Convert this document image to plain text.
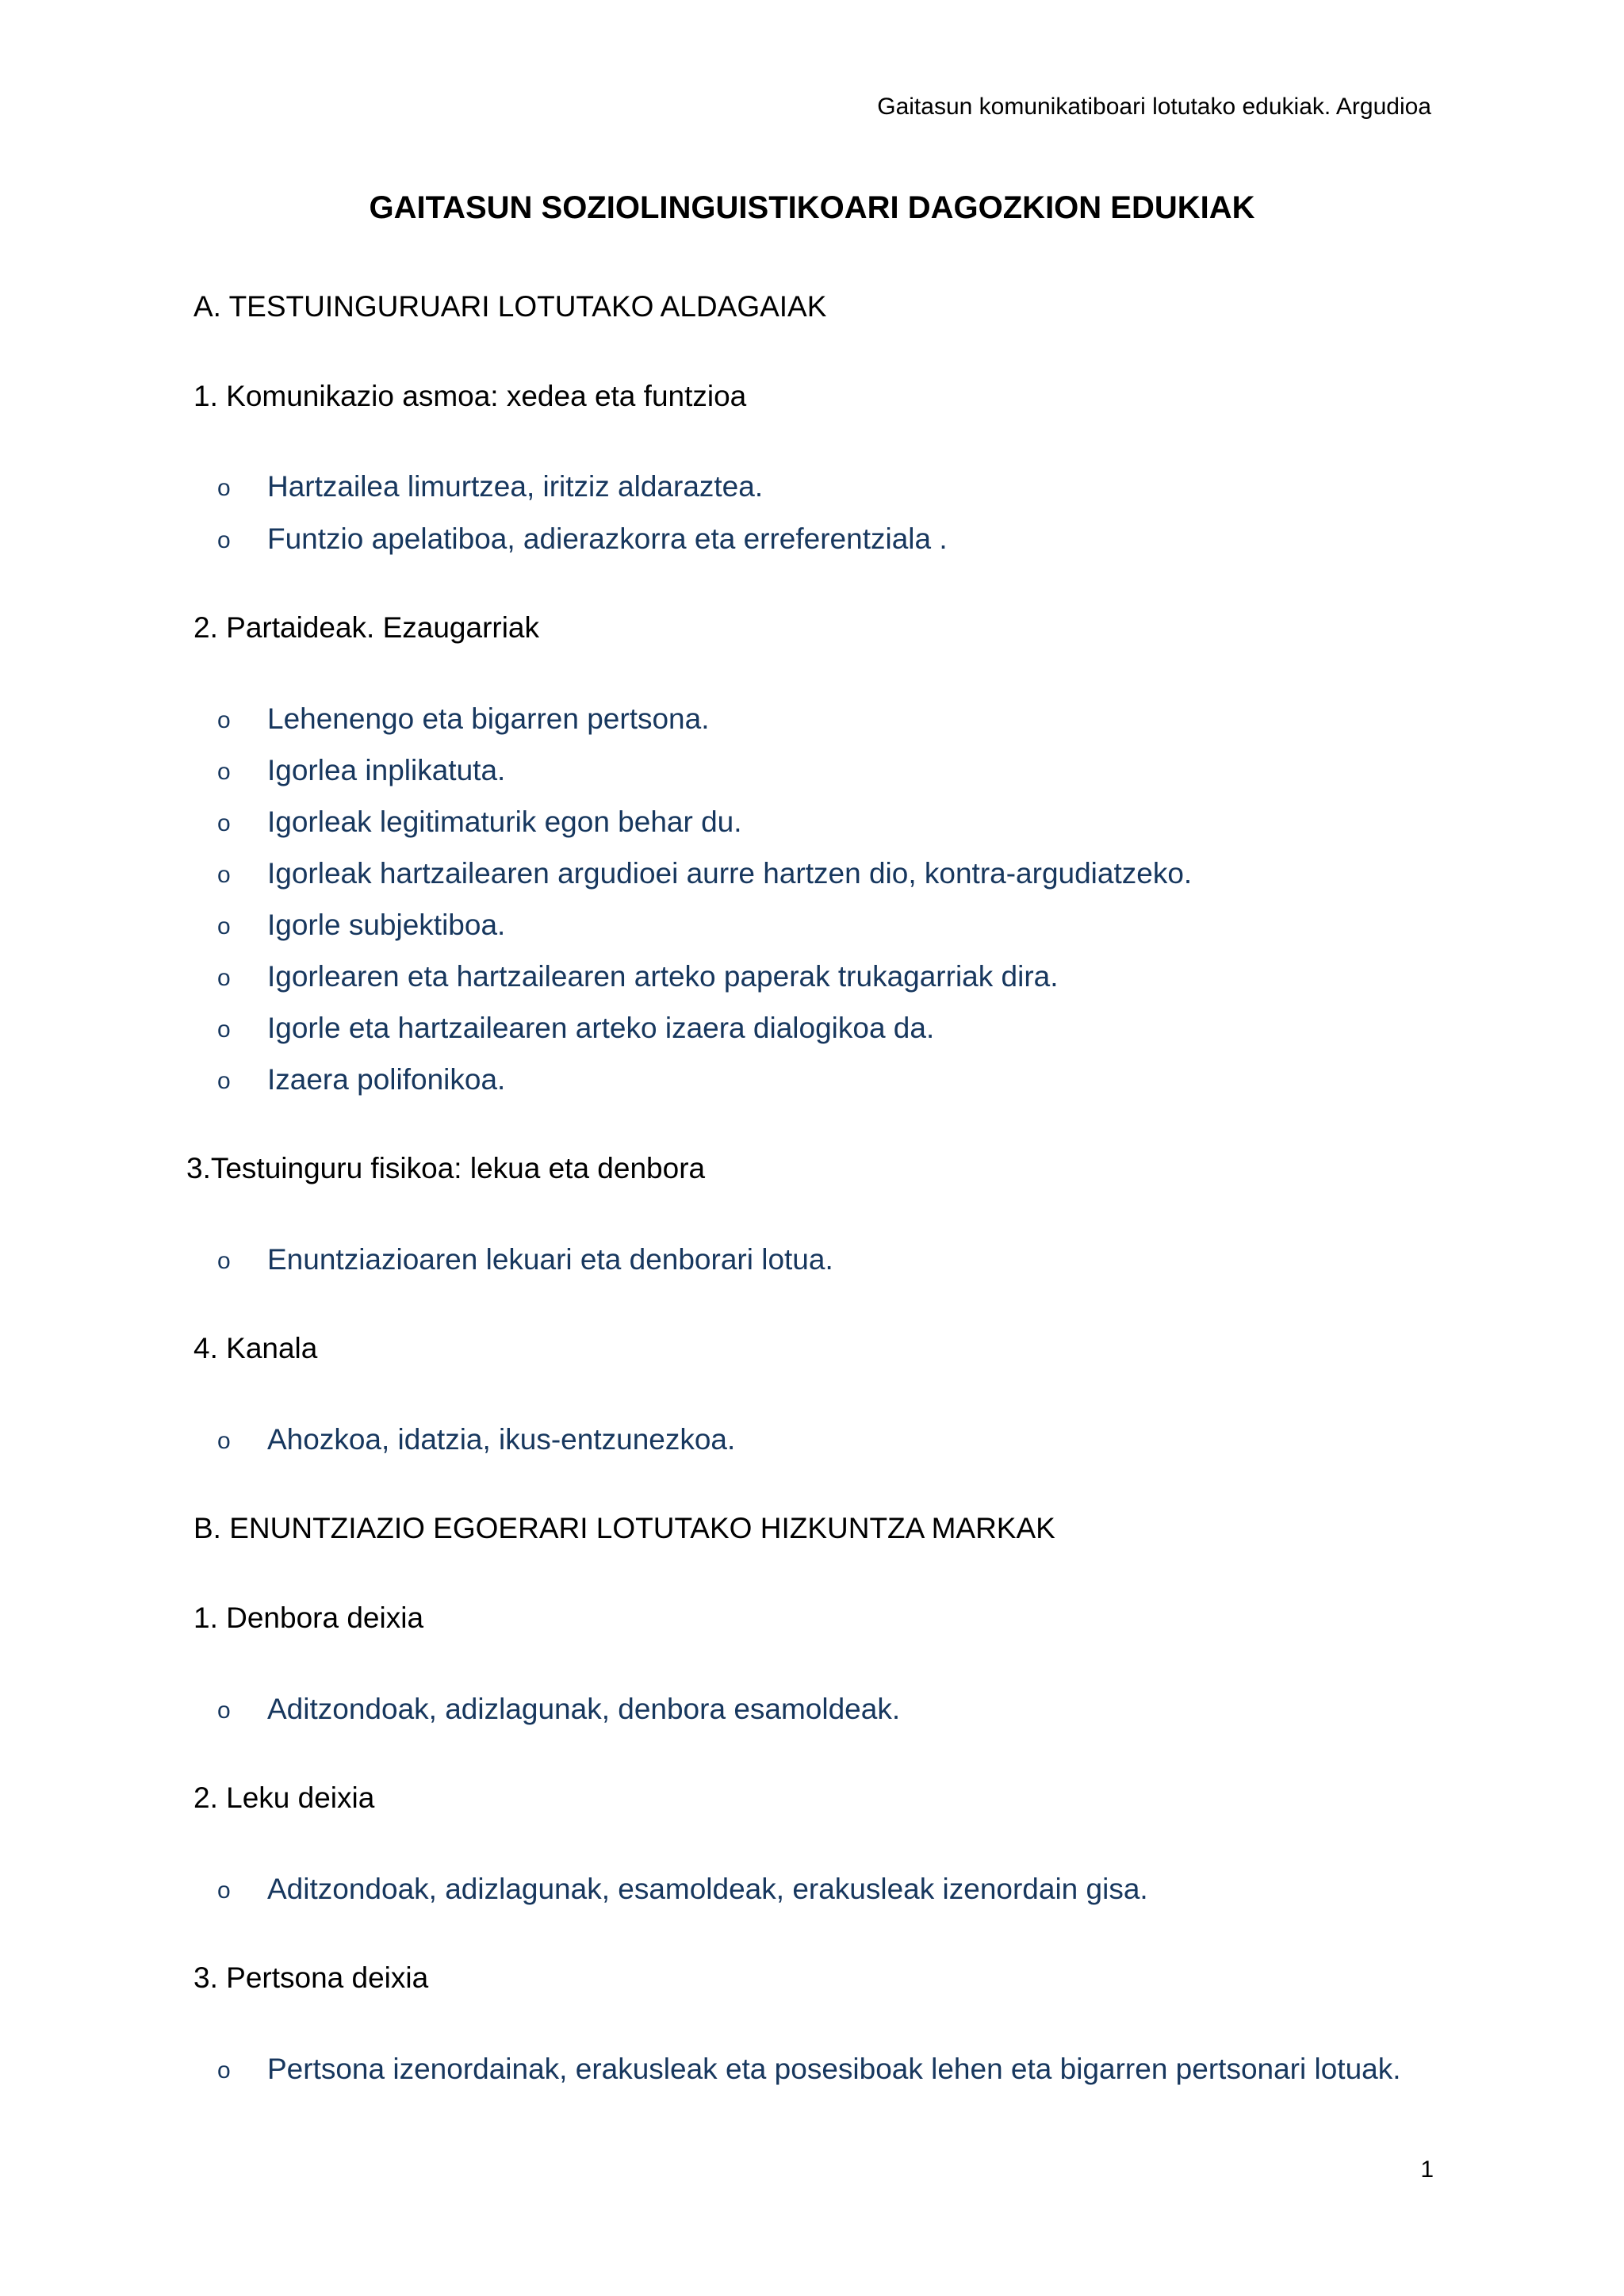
Gaitasun komunikatiboari lotutako edukiak. Argudioa
GAITASUN SOZIOLINGUISTIKOARI DAGOZKION EDUKIAK
A. TESTUINGURUARI LOTUTAKO ALDAGAIAK
1. Komunikazio asmoa: xedea eta funtzioa
o Hartzailea limurtzea, iritziz aldaraztea.
o Funtzio apelatiboa, adierazkorra eta erreferentziala .
2. Partaideak. Ezaugarriak
o Lehenengo eta bigarren pertsona.
o Igorlea inplikatuta.
o Igorleak legitimaturik egon behar du.
o Igorleak hartzailearen argudioei aurre hartzen dio, kontra-argudiatzeko.
o Igorle subjektiboa.
o Igorlearen eta hartzailearen arteko paperak trukagarriak dira.
o Igorle eta hartzailearen arteko izaera dialogikoa da.
o Izaera polifonikoa.
3.Testuinguru fisikoa: lekua eta denbora
o Enuntziazioaren lekuari eta denborari lotua.
4. Kanala
o Ahozkoa, idatzia, ikus-entzunezkoa.
B. ENUNTZIAZIO EGOERARI LOTUTAKO HIZKUNTZA MARKAK
1. Denbora deixia
o Aditzondoak, adizlagunak, denbora esamoldeak.
2. Leku deixia
o Aditzondoak, adizlagunak, esamoldeak, erakusleak izenordain gisa.
3. Pertsona deixia
o Pertsona izenordainak, erakusleak eta posesiboak lehen eta bigarren pertsonari lotuak.
1
